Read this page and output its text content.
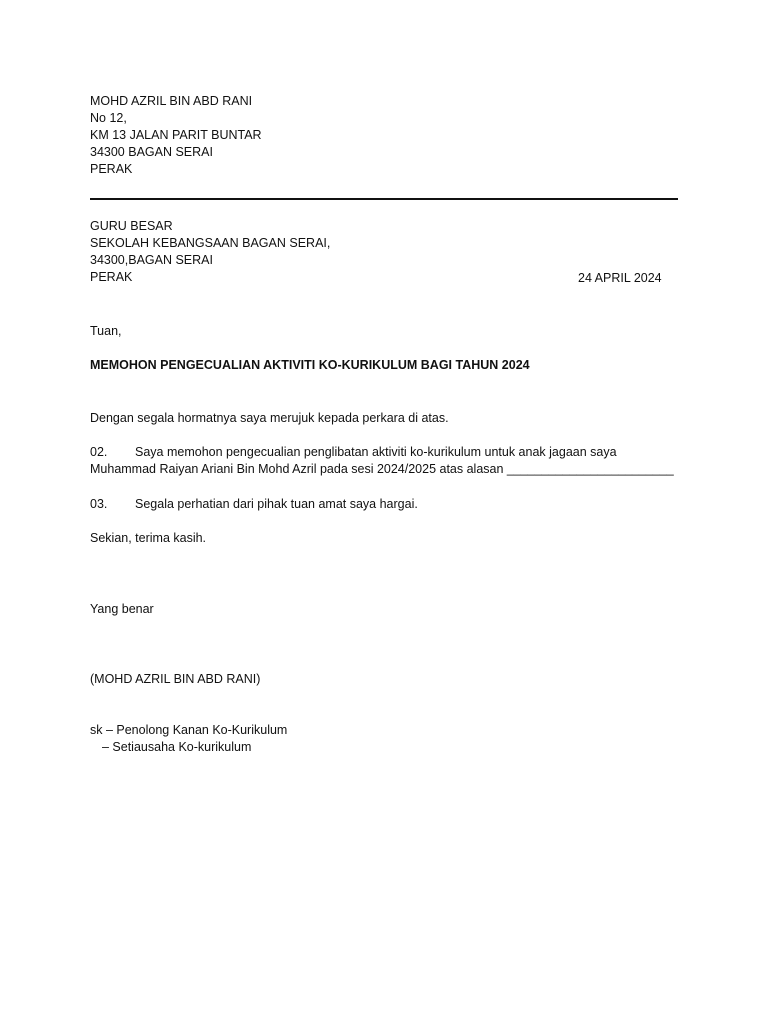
MOHD AZRIL BIN ABD RANI
No 12,
KM 13 JALAN PARIT BUNTAR
34300 BAGAN SERAI
PERAK
GURU BESAR
SEKOLAH KEBANGSAAN BAGAN SERAI,
34300,BAGAN SERAI
PERAK	24 APRIL 2024
Tuan,
MEMOHON PENGECUALIAN AKTIVITI KO-KURIKULUM BAGI TAHUN 2024
Dengan segala hormatnya saya merujuk kepada perkara di atas.
02. Saya memohon pengecualian penglibatan aktiviti ko-kurikulum untuk anak jagaan saya
Muhammad Raiyan Ariani Bin Mohd Azril pada sesi 2024/2025 atas alasan ________________________
03. Segala perhatian dari pihak tuan amat saya hargai.
Sekian, terima kasih.
Yang benar
(MOHD AZRIL BIN ABD RANI)
sk – Penolong Kanan Ko-Kurikulum
– Setiausaha Ko-kurikulum
